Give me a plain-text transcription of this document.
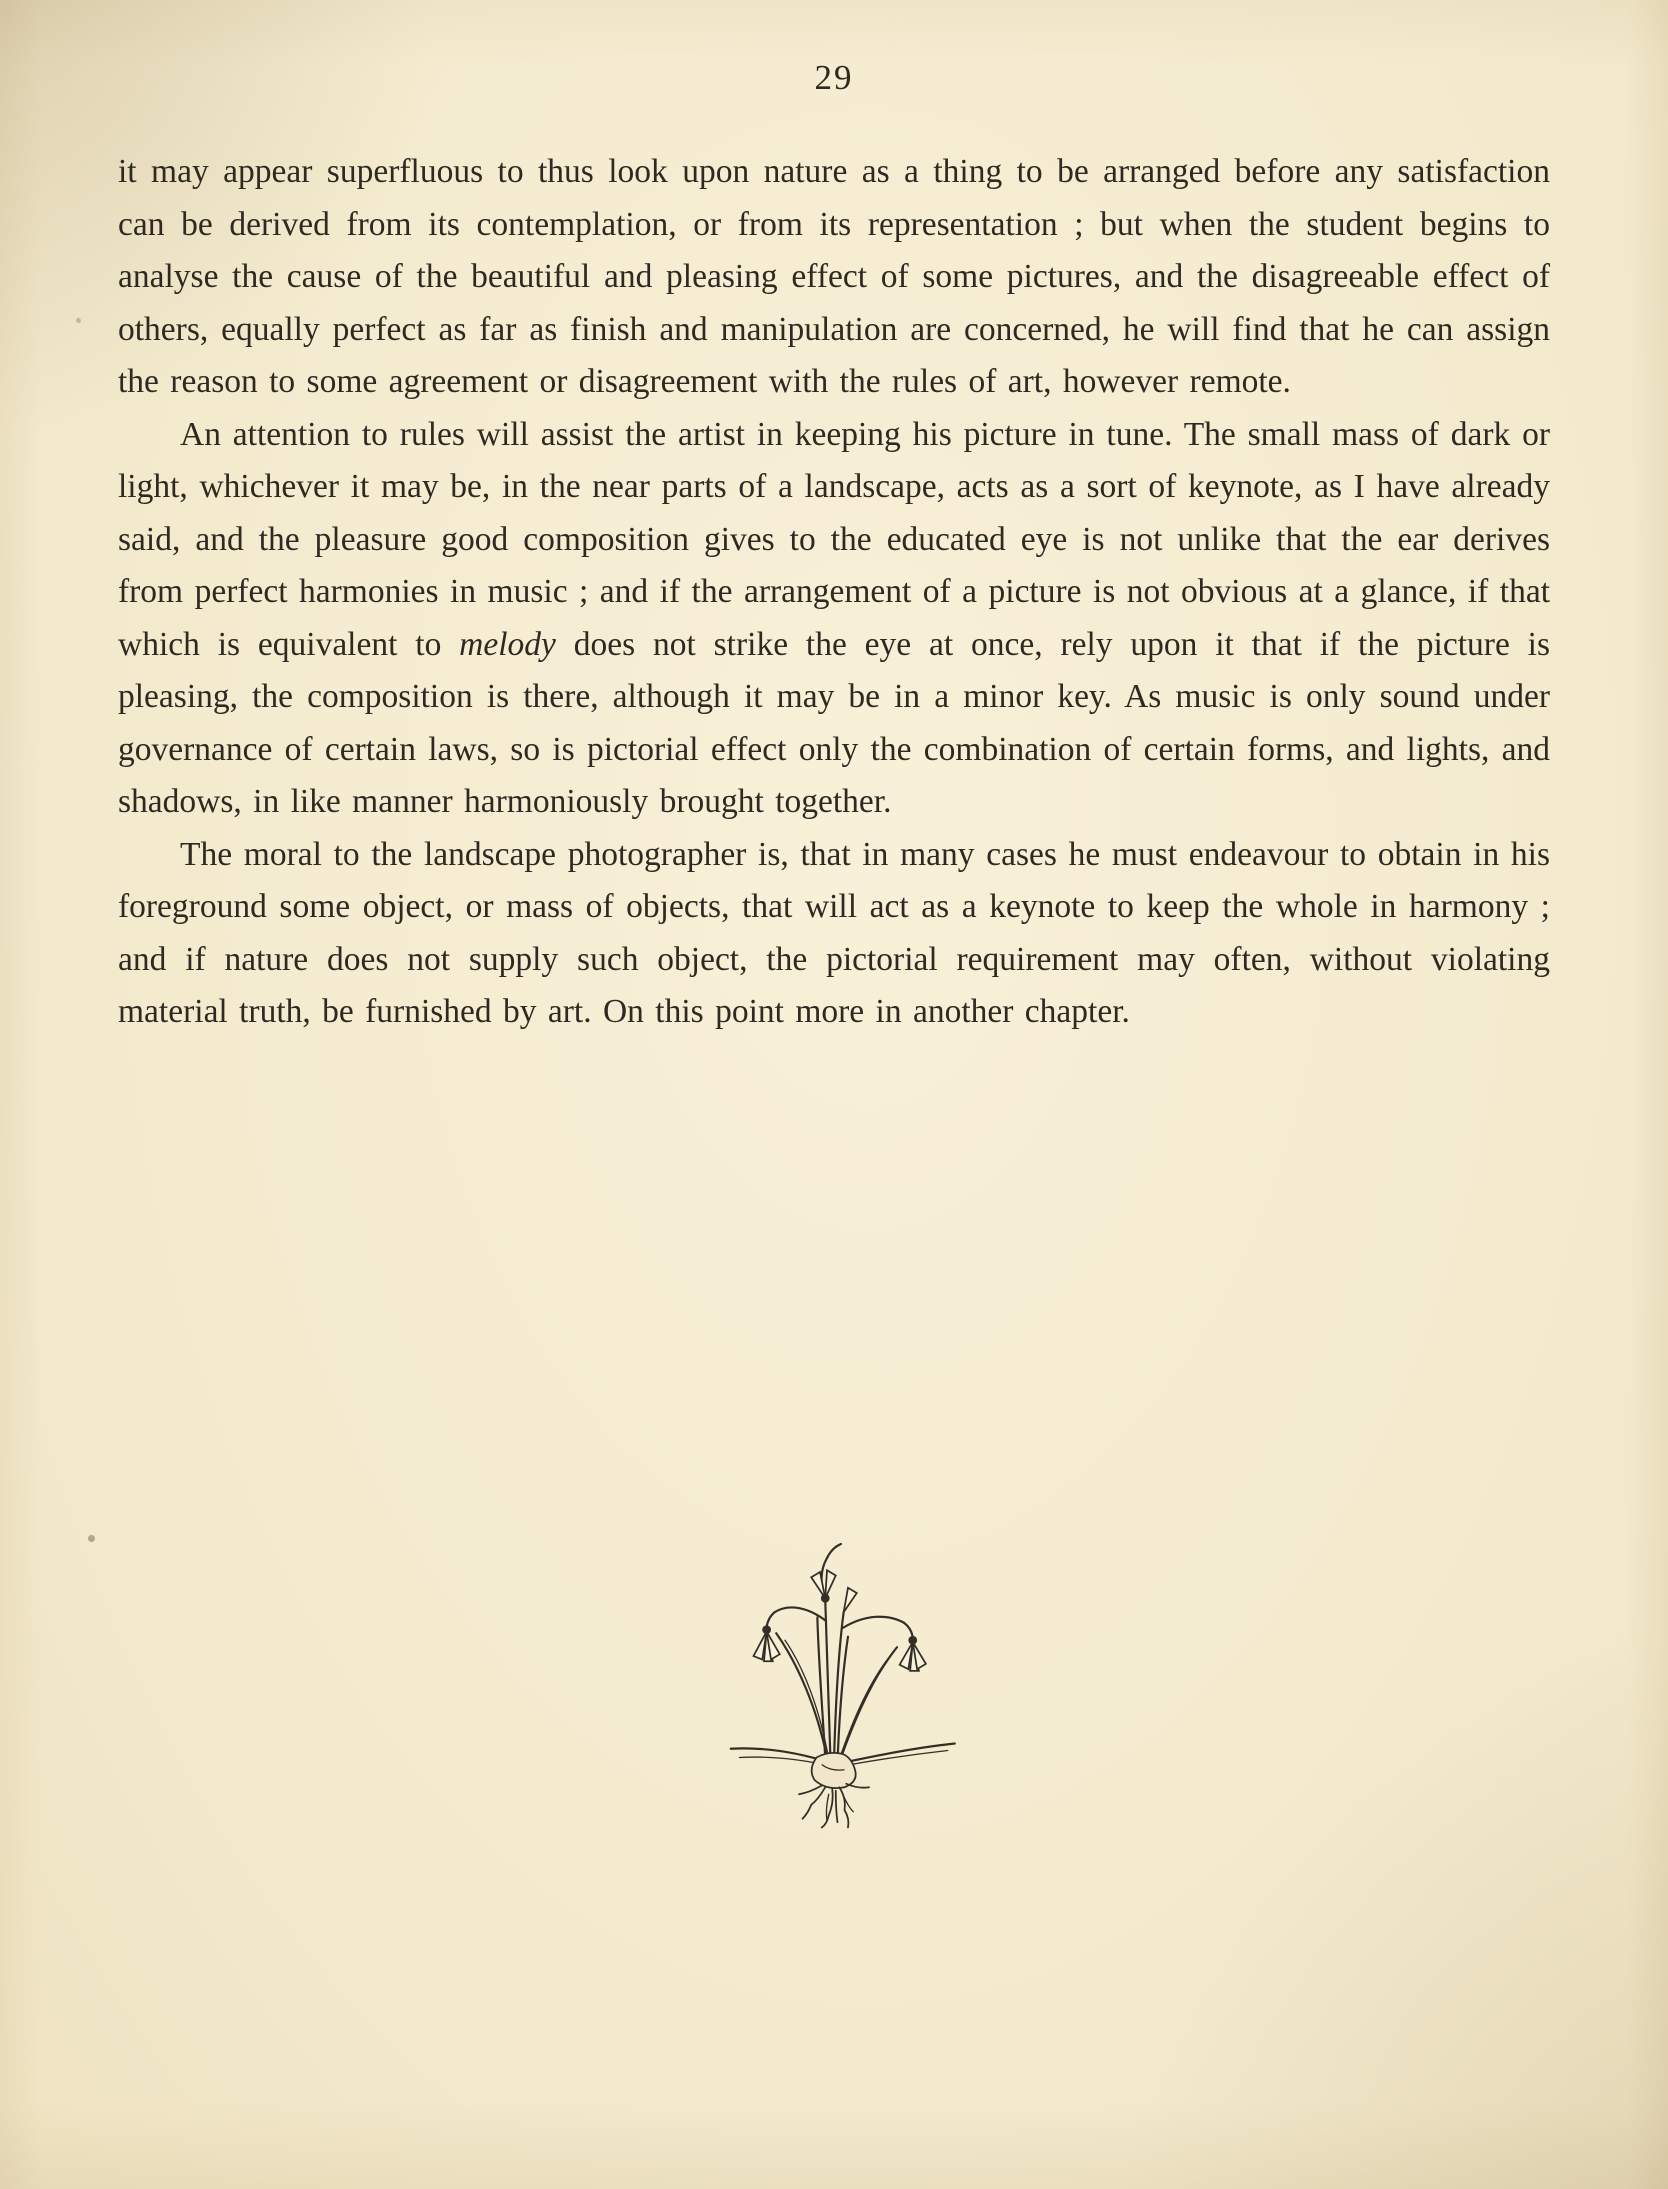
29

it may appear superfluous to thus look upon nature as a thing to be arranged before any satisfaction can be derived from its contemplation, or from its representation ; but when the student begins to analyse the cause of the beautiful and pleasing effect of some pictures, and the disagreeable effect of others, equally perfect as far as finish and manipulation are concerned, he will find that he can assign the reason to some agreement or disagreement with the rules of art, however remote.

An attention to rules will assist the artist in keeping his picture in tune. The small mass of dark or light, whichever it may be, in the near parts of a landscape, acts as a sort of keynote, as I have already said, and the pleasure good composition gives to the educated eye is not unlike that the ear derives from perfect harmonies in music ; and if the arrangement of a picture is not obvious at a glance, if that which is equivalent to melody does not strike the eye at once, rely upon it that if the picture is pleasing, the composition is there, although it may be in a minor key. As music is only sound under governance of certain laws, so is pictorial effect only the combination of certain forms, and lights, and shadows, in like manner harmoniously brought together.

The moral to the landscape photographer is, that in many cases he must endeavour to obtain in his foreground some object, or mass of objects, that will act as a keynote to keep the whole in harmony ; and if nature does not supply such object, the pictorial requirement may often, without violating material truth, be furnished by art. On this point more in another chapter.
